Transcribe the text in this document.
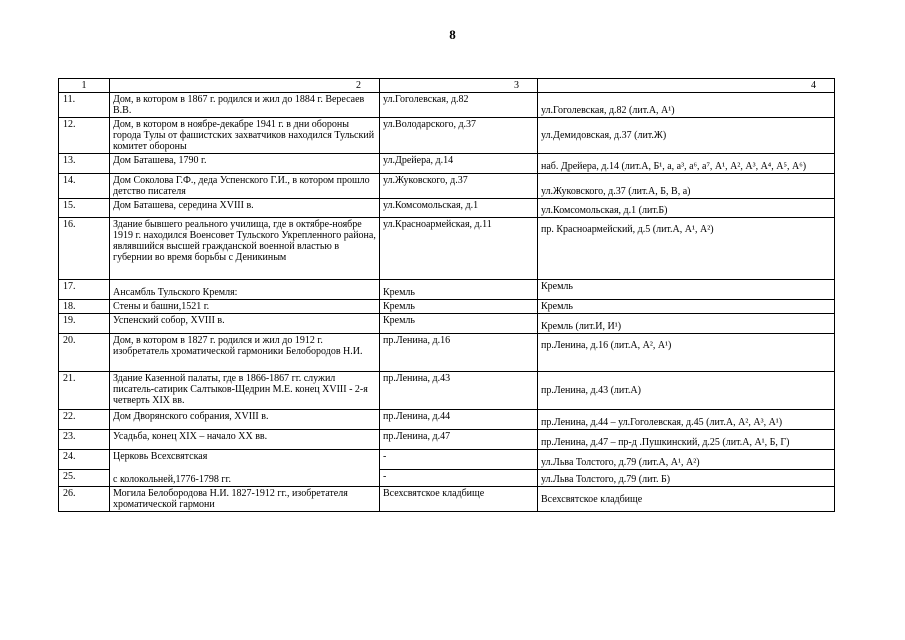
8
1	2	3	4
11.	Дом, в котором в 1867 г. родился и жил до 1884 г. Вересаев В.В.	ул.Гоголевская, д.82	ул.Гоголевская, д.82 (лит.А, А¹)
12.	Дом, в котором в ноябре-декабре 1941 г. в дни обороны города Тулы от фашистских захватчиков находился Тульский комитет обороны	ул.Володарского, д.37	ул.Демидовская, д.37 (лит.Ж)
13.	Дом Баташева, 1790 г.	ул.Дрейера, д.14	наб. Дрейера, д.14 (лит.А, Б¹, а, а³, а⁶, а⁷, А¹, А², А³, А⁴, А⁵, А⁶)
14.	Дом Соколова Г.Ф., деда Успенского Г.И., в котором прошло детство писателя	ул.Жуковского, д.37	ул.Жуковского, д.37 (лит.А, Б, В, а)
15.	Дом Баташева, середина XVIII в.	ул.Комсомольская, д.1	ул.Комсомольская, д.1 (лит.Б)
16.	Здание бывшего реального училища, где в октябре-ноябре 1919 г. находился Военсовет Тульского Укрепленного района, являвшийся высшей гражданской военной властью в губернии во время борьбы с Деникиным	ул.Красноармейская, д.11	пр. Красноармейский, д.5 (лит.А, А¹, А²)
17.	Ансамбль Тульского Кремля:	Кремль	Кремль
18.	Стены и башни,1521 г.	Кремль	Кремль
19.	Успенский собор, XVIII в.	Кремль	Кремль (лит.И, И¹)
20.	Дом, в котором в 1827 г. родился и жил до 1912 г. изобретатель хроматической гармоники Белобородов Н.И.	пр.Ленина, д.16	пр.Ленина, д.16 (лит.А, А², А¹)
21.	Здание Казенной палаты, где в 1866-1867 гг. служил писатель-сатирик Салтыков-Щедрин М.Е. конец XVIII - 2-я четверть XIX вв.	пр.Ленина, д.43	пр.Ленина, д.43 (лит.А)
22.	Дом Дворянского собрания, XVIII в.	пр.Ленина, д.44	пр.Ленина, д.44 – ул.Гоголевская, д.45 (лит.А, А², А³, А¹)
23.	Усадьба, конец XIX – начало XX вв.	пр.Ленина, д.47	пр.Ленина, д.47 – пр-д .Пушкинский, д.25 (лит.А, А¹, Б, Г)
24.	Церковь Всехсвятская	-	ул.Льва Толстого, д.79 (лит.А, А¹, А²)
25.	с колокольней,1776-1798 гг.	-	ул.Льва Толстого, д.79 (лит. Б)
26.	Могила Белобородова Н.И. 1827-1912 гг., изобретателя хроматической гармони	Всехсвятское кладбище	Всехсвятское кладбище
